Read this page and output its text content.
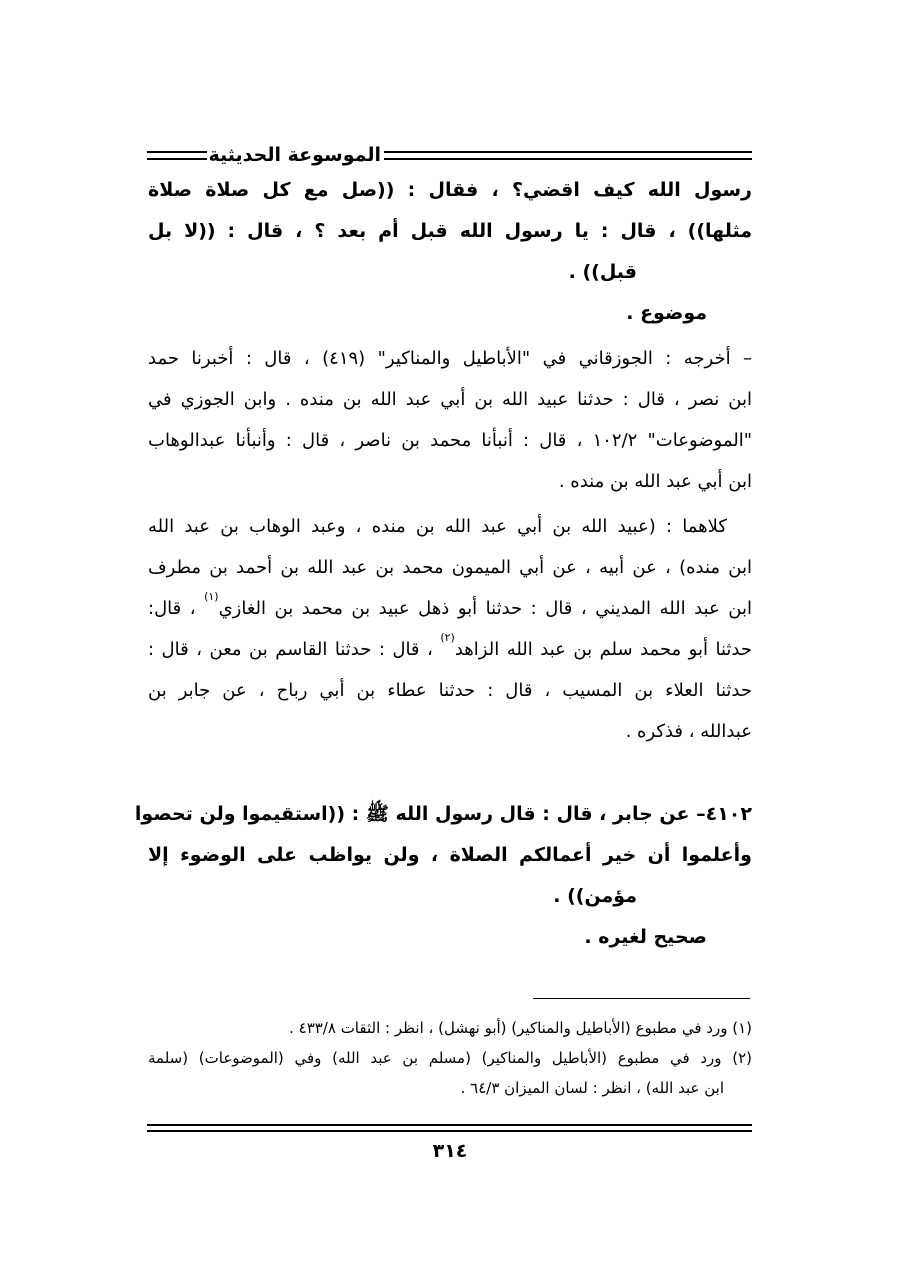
الموسوعة الحديثية
رسول الله كيف اقضي؟ ، فقال : ((صل مع كل صلاة صلاة
مثلها)) ، قال : يا رسول الله قبل أم بعد ؟ ، قال : ((لا بل
قبل)) .
موضوع .
– أخرجه : الجوزقاني في "الأباطيل والمناكير" (٤١٩) ، قال : أخبرنا حمد
ابن نصر ، قال : حدثنا عبيد الله بن أبي عبد الله بن منده . وابن الجوزي في
"الموضوعات" ١٠٢/٢ ، قال : أنبأنا محمد بن ناصر ، قال : وأنبأنا عبدالوهاب
ابن أبي عبد الله بن منده .
كلاهما : (عبيد الله بن أبي عبد الله بن منده ، وعبد الوهاب بن عبد الله
ابن منده) ، عن أبيه ، عن أبي الميمون محمد بن عبد الله بن أحمد بن مطرف
ابن عبد الله المديني ، قال : حدثنا أبو ذهل عبيد بن محمد بن الغازي$^{(١)}$ ، قال:
حدثنا أبو محمد سلم بن عبد الله الزاهد$^{(٢)}$ ، قال : حدثنا القاسم بن معن ، قال :
حدثنا العلاء بن المسيب ، قال : حدثنا عطاء بن أبي رباح ، عن جابر بن
عبدالله ، فذكره .
٤١٠٢– عن جابر ، قال : قال رسول الله ﷺ : ((استقيموا ولن تحصوا
وأعلموا أن خير أعمالكم الصلاة ، ولن يواظب على الوضوء إلا
مؤمن)) .
صحيح لغيره .
(١) ورد في مطبوع (الأباطيل والمناكير) (أبو نهشل) ، انظر : الثقات ٤٣٣/٨ .
(٢) ورد في مطبوع (الأباطيل والمناكير) (مسلم بن عبد الله) وفي (الموضوعات) (سلمة
ابن عبد الله) ، انظر : لسان الميزان ٦٤/٣ .
٣١٤
